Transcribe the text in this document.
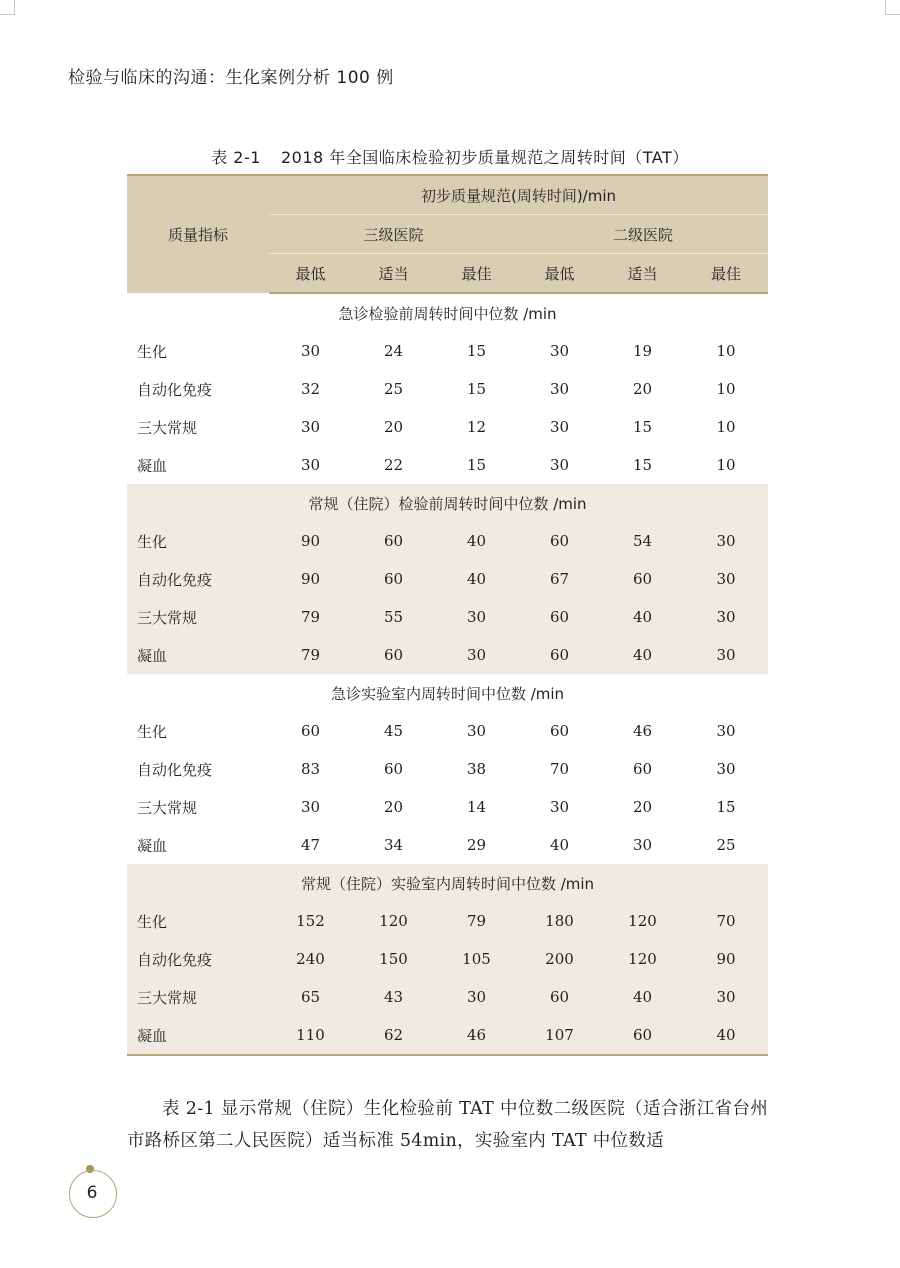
检验与临床的沟通：生化案例分析 100 例
表 2-1 2018 年全国临床检验初步质量规范之周转时间（TAT）
质量指标	初步质量规范(周转时间)/min					
	三级医院			二级医院		
	最低	适当	最佳	最低	适当	最佳
急诊检验前周转时间中位数 /min						
生化	30	24	15	30	19	10
自动化免疫	32	25	15	30	20	10
三大常规	30	20	12	30	15	10
凝血	30	22	15	30	15	10
常规（住院）检验前周转时间中位数 /min						
生化	90	60	40	60	54	30
自动化免疫	90	60	40	67	60	30
三大常规	79	55	30	60	40	30
凝血	79	60	30	60	40	30
急诊实验室内周转时间中位数 /min						
生化	60	45	30	60	46	30
自动化免疫	83	60	38	70	60	30
三大常规	30	20	14	30	20	15
凝血	47	34	29	40	30	25
常规（住院）实验室内周转时间中位数 /min						
生化	152	120	79	180	120	70
自动化免疫	240	150	105	200	120	90
三大常规	65	43	30	60	40	30
凝血	110	62	46	107	60	40

表 2-1 显示常规（住院）生化检验前 TAT 中位数二级医院（适合浙江省台州市路桥区第二人民医院）适当标准 54min，实验室内 TAT 中位数适

6
